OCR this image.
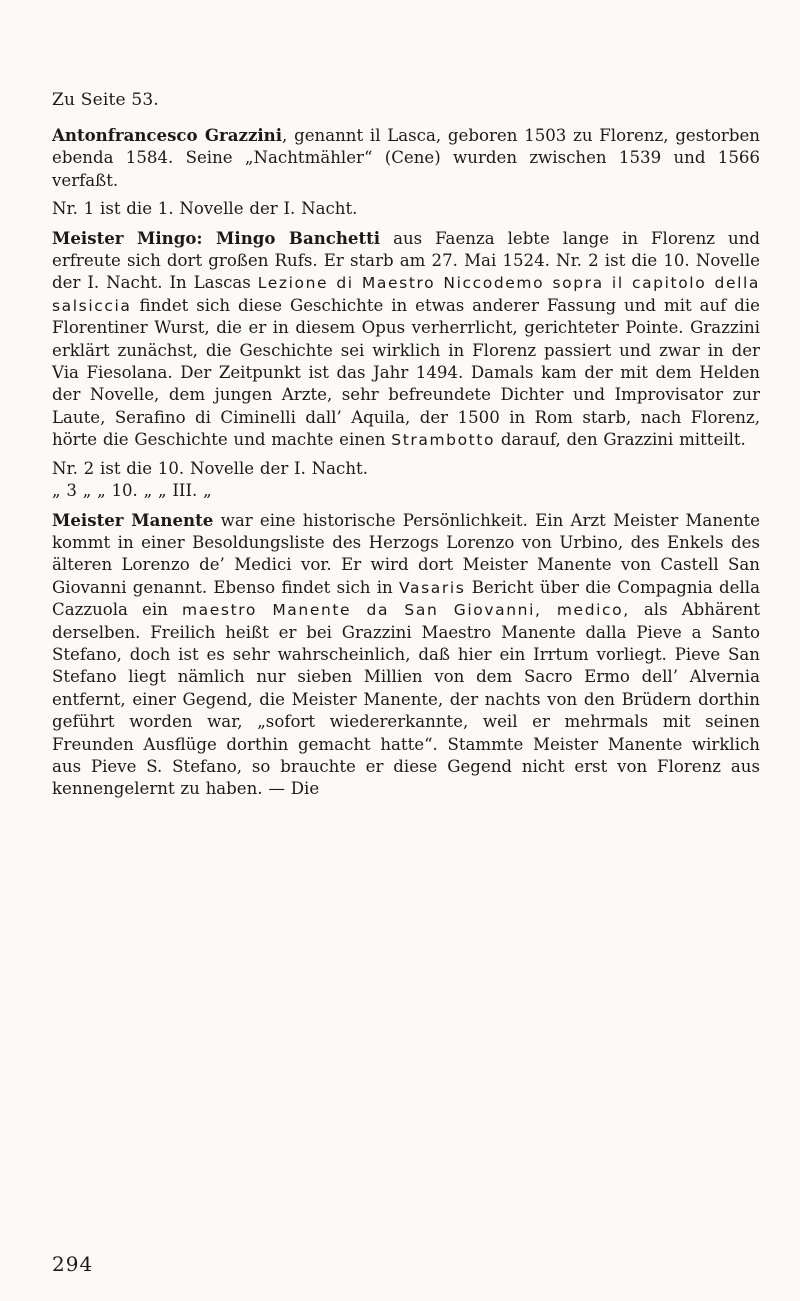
Zu Seite 53.

Antonfrancesco Grazzini, genannt il Lasca, geboren 1503 zu Florenz, gestorben ebenda 1584. Seine „Nachtmähler“ (Cene) wurden zwischen 1539 und 1566 verfaßt.

Nr. 1 ist die 1. Novelle der I. Nacht.

Meister Mingo: Mingo Banchetti aus Faenza lebte lange in Florenz und erfreute sich dort großen Rufs. Er starb am 27. Mai 1524. Nr. 2 ist die 10. Novelle der I. Nacht. In Lascas Lezione di Maestro Niccodemo sopra il capitolo della salsiccia findet sich diese Geschichte in etwas anderer Fassung und mit auf die Florentiner Wurst, die er in diesem Opus verherrlicht, gerichteter Pointe. Grazzini erklärt zunächst, die Geschichte sei wirklich in Florenz passiert und zwar in der Via Fiesolana. Der Zeitpunkt ist das Jahr 1494. Damals kam der mit dem Helden der Novelle, dem jungen Arzte, sehr befreundete Dichter und Improvisator zur Laute, Serafino di Ciminelli dall’ Aquila, der 1500 in Rom starb, nach Florenz, hörte die Geschichte und machte einen Strambotto darauf, den Grazzini mitteilt.

Nr. 2 ist die 10. Novelle der I. Nacht.

„ 3 „ „ 10. „ „ III. „

Meister Manente war eine historische Persönlichkeit. Ein Arzt Meister Manente kommt in einer Besoldungsliste des Herzogs Lorenzo von Urbino, des Enkels des älteren Lorenzo de’ Medici vor. Er wird dort Meister Manente von Castell San Giovanni genannt. Ebenso findet sich in Vasaris Bericht über die Compagnia della Cazzuola ein maestro Manente da San Giovanni, medico, als Abhärent derselben. Freilich heißt er bei Grazzini Maestro Manente dalla Pieve a Santo Stefano, doch ist es sehr wahrscheinlich, daß hier ein Irrtum vorliegt. Pieve San Stefano liegt nämlich nur sieben Millien von dem Sacro Ermo dell’ Alvernia entfernt, einer Gegend, die Meister Manente, der nachts von den Brüdern dorthin geführt worden war, „sofort wiedererkannte, weil er mehrmals mit seinen Freunden Ausflüge dorthin gemacht hatte“. Stammte Meister Manente wirklich aus Pieve S. Stefano, so brauchte er diese Gegend nicht erst von Florenz aus kennengelernt zu haben. — Die

294
